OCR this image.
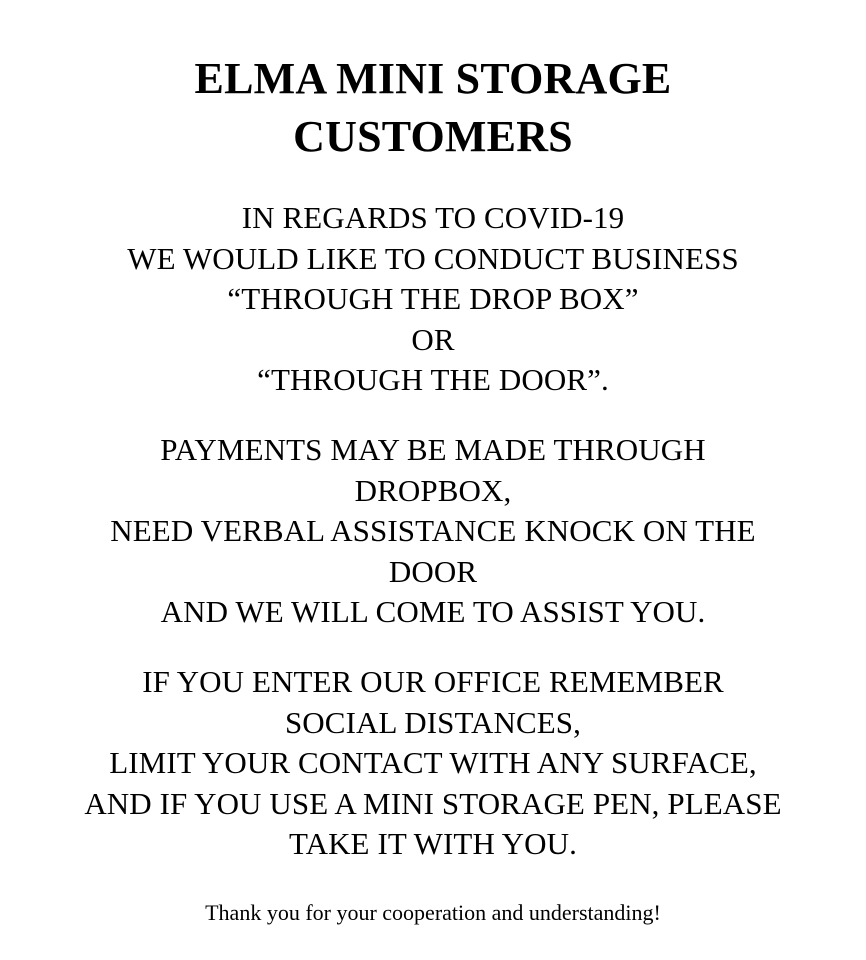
ELMA MINI STORAGE
CUSTOMERS

IN REGARDS TO COVID-19
WE WOULD LIKE TO CONDUCT BUSINESS
“THROUGH THE DROP BOX”
OR
“THROUGH THE DOOR”.

PAYMENTS MAY BE MADE THROUGH
DROPBOX,
NEED VERBAL ASSISTANCE KNOCK ON THE
DOOR
AND WE WILL COME TO ASSIST YOU.

IF YOU ENTER OUR OFFICE REMEMBER
SOCIAL DISTANCES,
LIMIT YOUR CONTACT WITH ANY SURFACE,
AND IF YOU USE A MINI STORAGE PEN, PLEASE
TAKE IT WITH YOU.

Thank you for your cooperation and understanding!
